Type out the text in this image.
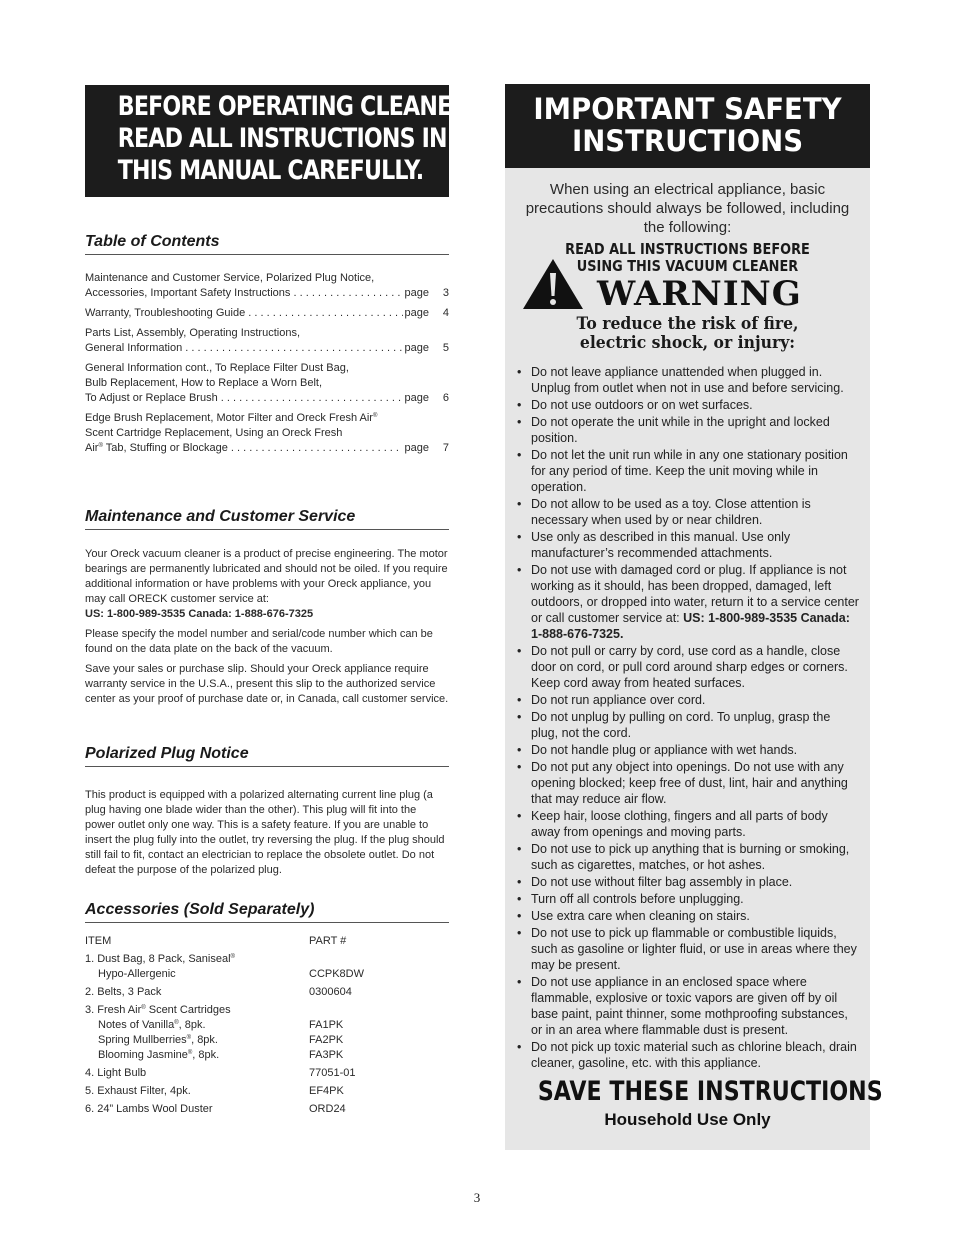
BEFORE OPERATING CLEANER,
READ ALL INSTRUCTIONS IN
THIS MANUAL CAREFULLY.
Table of Contents
Maintenance and Customer Service, Polarized Plug Notice,
Accessories, Important Safety Instructions . . .	page	3
Warranty, Troubleshooting Guide . . .	page	4
Parts List, Assembly, Operating Instructions,
General Information . . .	page	5
General Information cont., To Replace Filter Dust Bag,
Bulb Replacement, How to Replace a Worn Belt,
To Adjust or Replace Brush . . .	page	6
Edge Brush Replacement, Motor Filter and Oreck Fresh Air®
Scent Cartridge Replacement, Using an Oreck Fresh
Air® Tab, Stuffing or Blockage . . .	page	7
Maintenance and Customer Service

Your Oreck vacuum cleaner is a product of precise engineering. The motor bearings are permanently lubricated and should not be oiled. If you require additional information or have problems with your Oreck appliance, you may call ORECK customer service at:
US: 1-800-989-3535 Canada: 1-888-676-7325

Please specify the model number and serial/code number which can be found on the data plate on the back of the vacuum.

Save your sales or purchase slip. Should your Oreck appliance require warranty service in the U.S.A., present this slip to the authorized service center as your proof of purchase date or, in Canada, call customer service.

Polarized Plug Notice

This product is equipped with a polarized alternating current line plug (a plug having one blade wider than the other). This plug will fit into the power outlet only one way. This is a safety feature. If you are unable to insert the plug fully into the outlet, try reversing the plug. If the plug should still fail to fit, contact an electrician to replace the obsolete outlet. Do not defeat the purpose of the polarized plug.

Accessories (Sold Separately)
ITEM	PART #
1. Dust Bag, 8 Pack, Saniseal®
Hypo-Allergenic	CCPK8DW
2. Belts, 3 Pack	0300604
3. Fresh Air® Scent Cartridges
Notes of Vanilla®, 8pk.	FA1PK
Spring Mullberries®, 8pk.	FA2PK
Blooming Jasmine®, 8pk.	FA3PK
4. Light Bulb	77051-01
5. Exhaust Filter, 4pk.	EF4PK
6. 24” Lambs Wool Duster	ORD24
IMPORTANT SAFETY
INSTRUCTIONS
When using an electrical appliance, basic precautions should always be followed, including the following:
READ ALL INSTRUCTIONS BEFORE
USING THIS VACUUM CLEANER
WARNING
To reduce the risk of fire,
electric shock, or injury:
• Do not leave appliance unattended when plugged in. Unplug from outlet when not in use and before servicing.
• Do not use outdoors or on wet surfaces.
• Do not operate the unit while in the upright and locked position.
• Do not let the unit run while in any one stationary position for any period of time. Keep the unit moving while in operation.
• Do not allow to be used as a toy. Close attention is necessary when used by or near children.
• Use only as described in this manual. Use only manufacturer’s recommended attachments.
• Do not use with damaged cord or plug. If appliance is not working as it should, has been dropped, damaged, left outdoors, or dropped into water, return it to a service center or call customer service at: US: 1-800-989-3535 Canada: 1-888-676-7325.
• Do not pull or carry by cord, use cord as a handle, close door on cord, or pull cord around sharp edges or corners. Keep cord away from heated surfaces.
• Do not run appliance over cord.
• Do not unplug by pulling on cord. To unplug, grasp the plug, not the cord.
• Do not handle plug or appliance with wet hands.
• Do not put any object into openings. Do not use with any opening blocked; keep free of dust, lint, hair and anything that may reduce air flow.
• Keep hair, loose clothing, fingers and all parts of body away from openings and moving parts.
• Do not use to pick up anything that is burning or smoking, such as cigarettes, matches, or hot ashes.
• Do not use without filter bag assembly in place.
• Turn off all controls before unplugging.
• Use extra care when cleaning on stairs.
• Do not use to pick up flammable or combustible liquids, such as gasoline or lighter fluid, or use in areas where they may be present.
• Do not use appliance in an enclosed space where flammable, explosive or toxic vapors are given off by oil base paint, paint thinner, some mothproofing substances, or in an area where flammable dust is present.
• Do not pick up toxic material such as chlorine bleach, drain cleaner, gasoline, etc. with this appliance.
SAVE THESE INSTRUCTIONS
Household Use Only
3
